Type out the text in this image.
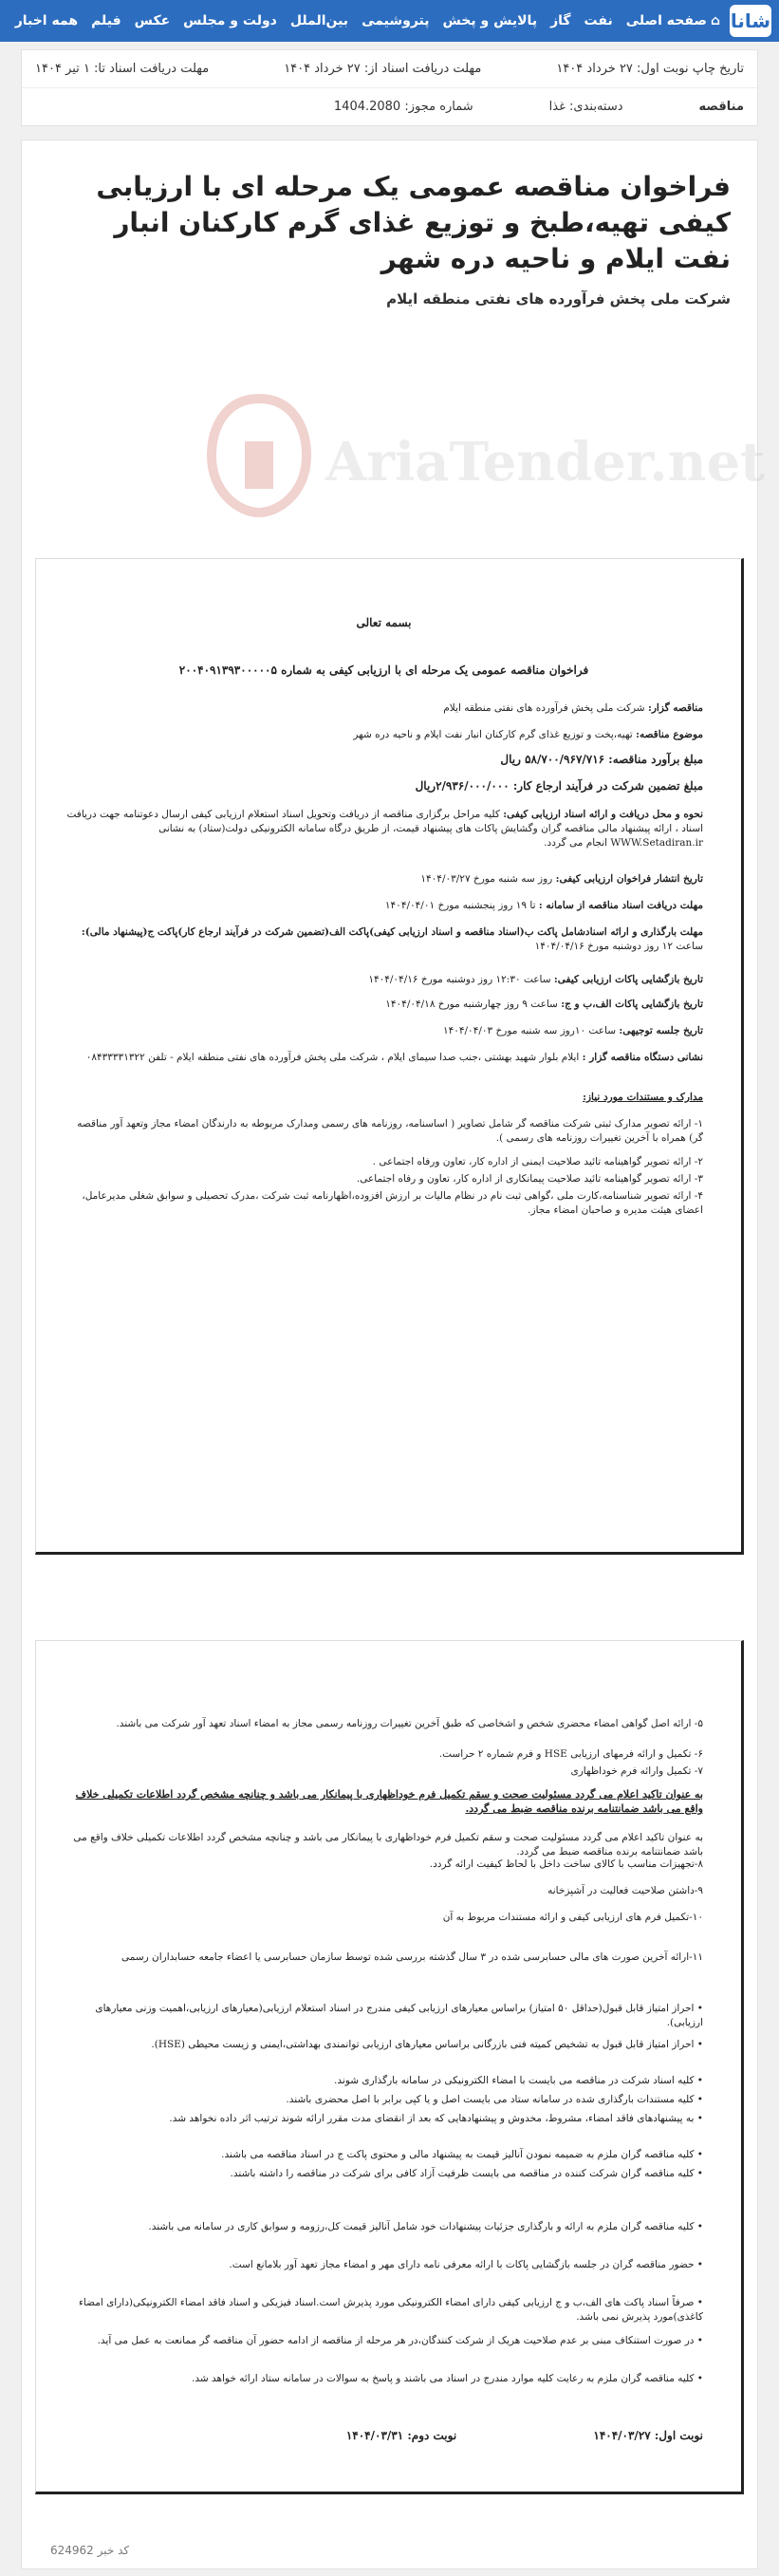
شانا
⌂
صفحه اصلی
نفت
گاز
پالایش و پخش
پتروشیمی
بین‌الملل
دولت و مجلس
عکس
فیلم
همه اخبار
تاریخ چاپ نوبت اول: ۲۷ خرداد ۱۴۰۴
مهلت دریافت اسناد از: ۲۷ خرداد ۱۴۰۴
مهلت دریافت اسناد تا: ۱ تیر ۱۴۰۴
مناقصه
دسته‌بندی: غذا
شماره مجوز: 1404.2080
فراخوان مناقصه عمومی یک مرحله ای با ارزیابی کیفی تهیه،طبخ و توزیع غذای گرم کارکنان انبار نفت ایلام و ناحیه دره شهر
شرکت ملی پخش فرآورده های نفتی منطقه ایلام
AriaTender.net
بسمه تعالی
فراخوان مناقصه عمومی یک مرحله ای با ارزیابی کیفی به شماره ۲۰۰۴۰۹۱۳۹۳۰۰۰۰۰۵
مناقصه گزار: شرکت ملی پخش فرآورده های نفتی منطقه ایلام
موضوع مناقصه: تهیه،پخت و توزیع غذای گرم کارکنان انبار نفت ایلام و ناحیه دره شهر
مبلغ برآورد مناقصه: ۵۸/۷۰۰/۹۶۷/۷۱۶ ریال
مبلغ تضمین شرکت در فرآیند ارجاع کار: ۲/۹۳۶/۰۰۰/۰۰۰ریال
نحوه و محل دریافت و ارائه اسناد ارزیابی کیفی: کلیه مراحل برگزاری مناقصه از دریافت وتحویل اسناد استعلام ارزیابی کیفی ارسال دعوتنامه جهت دریافت اسناد ، ارائه پیشنهاد مالی مناقصه گران وگشایش پاکات های پیشنهاد قیمت، از طریق درگاه سامانه الکترونیکی دولت(ستاد) به نشانی WWW.Setadiran.ir انجام می گردد.
تاریخ انتشار فراخوان ارزیابی کیفی: روز سه شنبه مورخ ۱۴۰۴/۰۳/۲۷
مهلت دریافت اسناد مناقصه از سامانه : تا ۱۹ روز پنجشنبه مورخ ۱۴۰۴/۰۴/۰۱
مهلت بارگذاری و ارائه اسنادشامل پاکت ب(اسناد مناقصه و اسناد ارزیابی کیفی)پاکت الف(تضمین شرکت در فرآیند ارجاع کار)پاکت ج(پیشنهاد مالی): ساعت ۱۲ روز دوشنبه مورخ ۱۴۰۴/۰۴/۱۶
تاریخ بازگشایی پاکات ارزیابی کیفی: ساعت ۱۲:۳۰ روز دوشنبه مورخ ۱۴۰۴/۰۴/۱۶
تاریخ بازگشایی پاکات الف،ب و ج: ساعت ۹ روز چهارشنبه مورخ ۱۴۰۴/۰۴/۱۸
تاریخ جلسه توجیهی: ساعت ۱۰روز سه شنبه مورخ ۱۴۰۴/۰۴/۰۳
نشانی دستگاه مناقصه گزار : ایلام بلوار شهید بهشتی ،جنب صدا سیمای ایلام ، شرکت ملی پخش فرآورده های نفتی منطقه ایلام - تلفن ۰۸۴۳۳۳۳۱۳۲۲
مدارک و مستندات مورد نیاز:
۱- ارائه تصویر مدارک ثبتی شرکت مناقصه گر شامل تصاویر ( اساسنامه، روزنامه های رسمی ومدارک مربوطه به دارندگان امضاء مجاز وتعهد آور مناقصه گر) همراه با آخرین تغییرات روزنامه های رسمی ).
۲- ارائه تصویر گواهینامه تائید صلاحیت ایمنی از اداره کار، تعاون ورفاه اجتماعی .
۳- ارائه تصویر گواهینامه تائید صلاحیت پیمانکاری از اداره کار، تعاون و رفاه اجتماعی.
۴- ارائه تصویر شناسنامه،کارت ملی ،گواهی ثبت نام در نظام مالیات بر ارزش افزوده،اظهارنامه ثبت شرکت ،مدرک تحصیلی و سوابق شغلی مدیرعامل، اعضای هیئت مدیره و صاحبان امضاء مجاز.
۵- ارائه اصل گواهی امضاء محضری شخص و اشخاصی که طبق آخرین تغییرات روزنامه رسمی مجاز به امضاء اسناد تعهد آور شرکت می باشند.
۶- تکمیل و ارائه فرمهای ارزیابی HSE و فرم شماره ۲ حراست.
۷- تکمیل وارائه فرم خوداظهاری
به عنوان تاکید اعلام می گردد مسئولیت صحت و سقم تکمیل فرم خوداظهاری با پیمانکار می باشد و چنانچه مشخص گردد اطلاعات تکمیلی خلاف واقع می باشد ضمانتنامه برنده مناقصه ضبط می گردد.
به عنوان تاکید اعلام می گردد مسئولیت صحت و سقم تکمیل فرم خوداظهاری با پیمانکار می باشد و چنانچه مشخص گردد اطلاعات تکمیلی خلاف واقع می باشد ضمانتنامه برنده مناقصه ضبط می گردد.
۸-تجهیزات مناسب با کالای ساخت داخل با لحاظ کیفیت ارائه گردد.
۹-داشتن صلاحیت فعالیت در آشپزخانه
۱۰-تکمیل فرم های ارزیابی کیفی و ارائه مستندات مربوط به آن
۱۱-ارائه آخرین صورت های مالی حسابرسی شده در ۳ سال گذشته بررسی شده توسط سازمان حسابرسی یا اعضاء جامعه حسابداران رسمی
• احراز امتیاز قابل قبول(حداقل ۵۰ امتیاز) براساس معیارهای ارزیابی کیفی مندرج در اسناد استعلام ارزیابی(معیارهای ارزیابی،اهمیت وزنی معیارهای ارزیابی).
• احراز امتیاز قابل قبول به تشخیص کمیته فنی بازرگانی براساس معیارهای ارزیابی توانمندی بهداشتی،ایمنی و زیست محیطی (HSE).
• کلیه اسناد شرکت در مناقصه می بایست با امضاء الکترونیکی در سامانه بارگذاری شوند.
• کلیه مستندات بارگذاری شده در سامانه ستاد می بایست اصل و یا کپی برابر با اصل محضری باشند.
• به پیشنهادهای فاقد امضاء، مشروط، مخدوش و پیشنهادهایی که بعد از انقضای مدت مقرر ارائه شوند ترتیب اثر داده نخواهد شد.
• کلیه مناقصه گران ملزم به ضمیمه نمودن آنالیز قیمت به پیشنهاد مالی و محتوی پاکت ج در اسناد مناقصه می باشند.
• کلیه مناقصه گران شرکت کننده در مناقصه می بایست ظرفیت آزاد کافی برای شرکت در مناقصه را داشته باشند.
• کلیه مناقصه گران ملزم به ارائه و بارگذاری جزئیات پیشنهادات خود شامل آنالیز قیمت کل،رزومه و سوابق کاری در سامانه می باشند.
• حضور مناقصه گران در جلسه بازگشایی پاکات با ارائه معرفی نامه دارای مهر و امضاء مجاز تعهد آور بلامانع است.
• صرفاً اسناد پاکت های الف،ب و ج ارزیابی کیفی دارای امضاء الکترونیکی مورد پذیرش است.اسناد فیزیکی و اسناد فاقد امضاء الکترونیکی(دارای امضاء کاغذی)مورد پذیرش نمی باشد.
• در صورت استنکاف مبنی بر عدم صلاحیت هریک از شرکت کنندگان،در هر مرحله از مناقصه از ادامه حضور آن مناقصه گر ممانعت به عمل می آید.
• کلیه مناقصه گران ملزم به رعایت کلیه موارد مندرج در اسناد می باشند و پاسخ به سوالات در سامانه ستاد ارائه خواهد شد.
نوبت اول: ۱۴۰۴/۰۳/۲۷ نوبت دوم: ۱۴۰۴/۰۳/۳۱
کد خبر 624962
